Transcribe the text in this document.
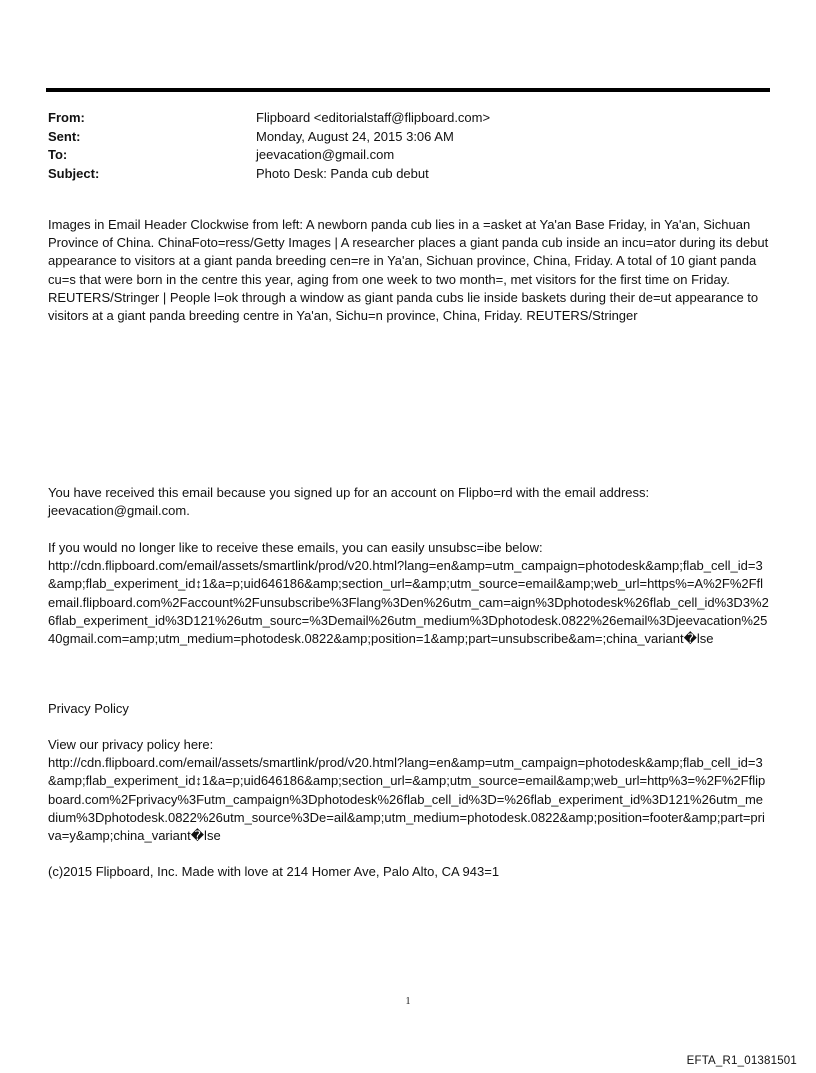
From:	Flipboard <editorialstaff@flipboard.com>
Sent:	Monday, August 24, 2015 3:06 AM
To:	jeevacation@gmail.com
Subject:	Photo Desk: Panda cub debut

Images in Email Header Clockwise from left: A newborn panda cub lies in a =asket at Ya'an Base Friday, in Ya'an, Sichuan Province of China. ChinaFoto=ress/Getty Images | A researcher places a giant panda cub inside an incu=ator during its debut appearance to visitors at a giant panda breeding cen=re in Ya'an, Sichuan province, China, Friday. A total of 10 giant panda cu=s that were born in the centre this year, aging from one week to two month=, met visitors for the first time on Friday. REUTERS/Stringer | People l=ok through a window as giant panda cubs lie inside baskets during their de=ut appearance to visitors at a giant panda breeding centre in Ya'an, Sichu=n province, China, Friday. REUTERS/Stringer

You have received this email because you signed up for an account on Flipbo=rd with the email address:

jeevacation@gmail.com.

If you would no longer like to receive these emails, you can easily unsubsc=ibe below:

http://cdn.flipboard.com/email/assets/smartlink/prod/v20.html?lang=en&amp=utm_campaign=photodesk&amp;flab_cell_id=3&amp;flab_experiment_id↕1&a=p;uid646186&amp;section_url=&amp;utm_source=email&amp;web_url=https%=A%2F%2Fflemail.flipboard.com%2Faccount%2Funsubscribe%3Flang%3Den%26utm_cam=aign%3Dphotodesk%26flab_cell_id%3D3%26flab_experiment_id%3D121%26utm_sourc=%3Demail%26utm_medium%3Dphotodesk.0822%26email%3Djeevacation%2540gmail.com=amp;utm_medium=photodesk.0822&amp;position=1&amp;part=unsubscribe&am=;china_variant�lse

Privacy Policy

View our privacy policy here:

http://cdn.flipboard.com/email/assets/smartlink/prod/v20.html?lang=en&amp=utm_campaign=photodesk&amp;flab_cell_id=3&amp;flab_experiment_id↕1&a=p;uid646186&amp;section_url=&amp;utm_source=email&amp;web_url=http%3=%2F%2Fflipboard.com%2Fprivacy%3Futm_campaign%3Dphotodesk%26flab_cell_id%3D=%26flab_experiment_id%3D121%26utm_medium%3Dphotodesk.0822%26utm_source%3De=ail&amp;utm_medium=photodesk.0822&amp;position=footer&amp;part=priva=y&amp;china_variant�lse

(c)2015 Flipboard, Inc. Made with love at 214 Homer Ave, Palo Alto, CA 943=1

1
EFTA_R1_01381501
